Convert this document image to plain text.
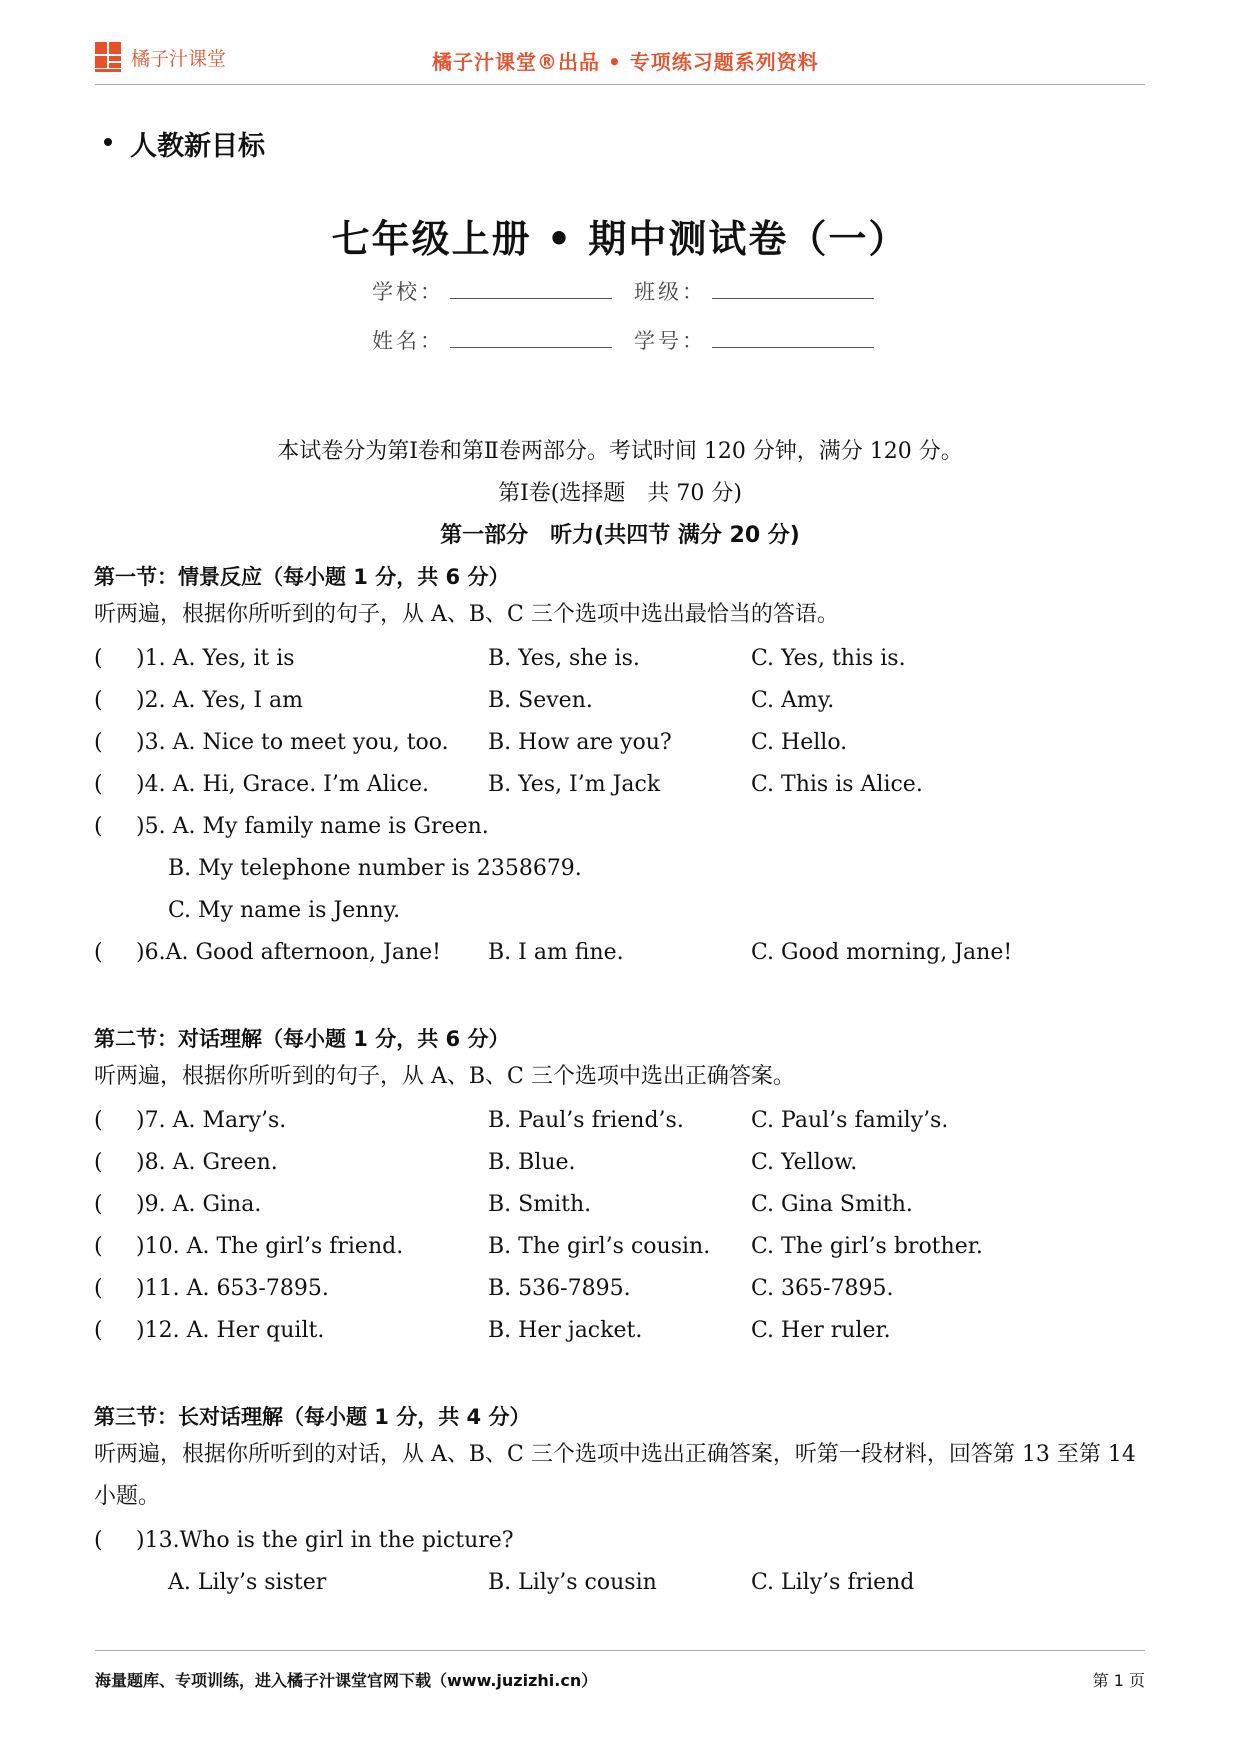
橘子汁课堂	橘子汁课堂®出品 • 专项练习题系列资料
人教新目标
七年级上册 • 期中测试卷（一）
学校：	班级：
姓名：	学号：
本试卷分为第Ⅰ卷和第Ⅱ卷两部分。考试时间 120 分钟，满分 120 分。
第Ⅰ卷(选择题　共 70 分)
第一部分　听力(共四节 满分 20 分)
第一节：情景反应（每小题 1 分，共 6 分）
听两遍，根据你所听到的句子，从 A、B、C 三个选项中选出最恰当的答语。
( )1. A. Yes, it is	B. Yes, she is.	C. Yes, this is.
( )2. A. Yes, I am	B. Seven.	C. Amy.
( )3. A. Nice to meet you, too. B. How are you?	C. Hello.
( )4. A. Hi, Grace. I’m Alice.	B. Yes, I’m Jack	C. This is Alice.
( )5. A. My family name is Green.
B. My telephone number is 2358679.
C. My name is Jenny.
( )6.A. Good afternoon, Jane! B. I am fine.	C. Good morning, Jane!
第二节：对话理解（每小题 1 分，共 6 分）
听两遍，根据你所听到的句子，从 A、B、C 三个选项中选出正确答案。
( )7. A. Mary’s.	B. Paul’s friend’s.	C. Paul’s family’s.
( )8. A. Green.	B. Blue.	C. Yellow.
( )9. A. Gina.	B. Smith.	C. Gina Smith.
( )10. A. The girl’s friend.	B. The girl’s cousin. C. The girl’s brother.
( )11. A. 653-7895.	B. 536-7895.	C. 365-7895.
( )12. A. Her quilt.	B. Her jacket.	C. Her ruler.
第三节：长对话理解（每小题 1 分，共 4 分）
听两遍，根据你所听到的对话，从 A、B、C 三个选项中选出正确答案，听第一段材料，回答第 13 至第 14 小题。
( )13.Who is the girl in the picture?
A. Lily’s sister	B. Lily’s cousin	C. Lily’s friend
海量题库、专项训练，进入橘子汁课堂官网下载（www.juzizhi.cn）	第 1 页
